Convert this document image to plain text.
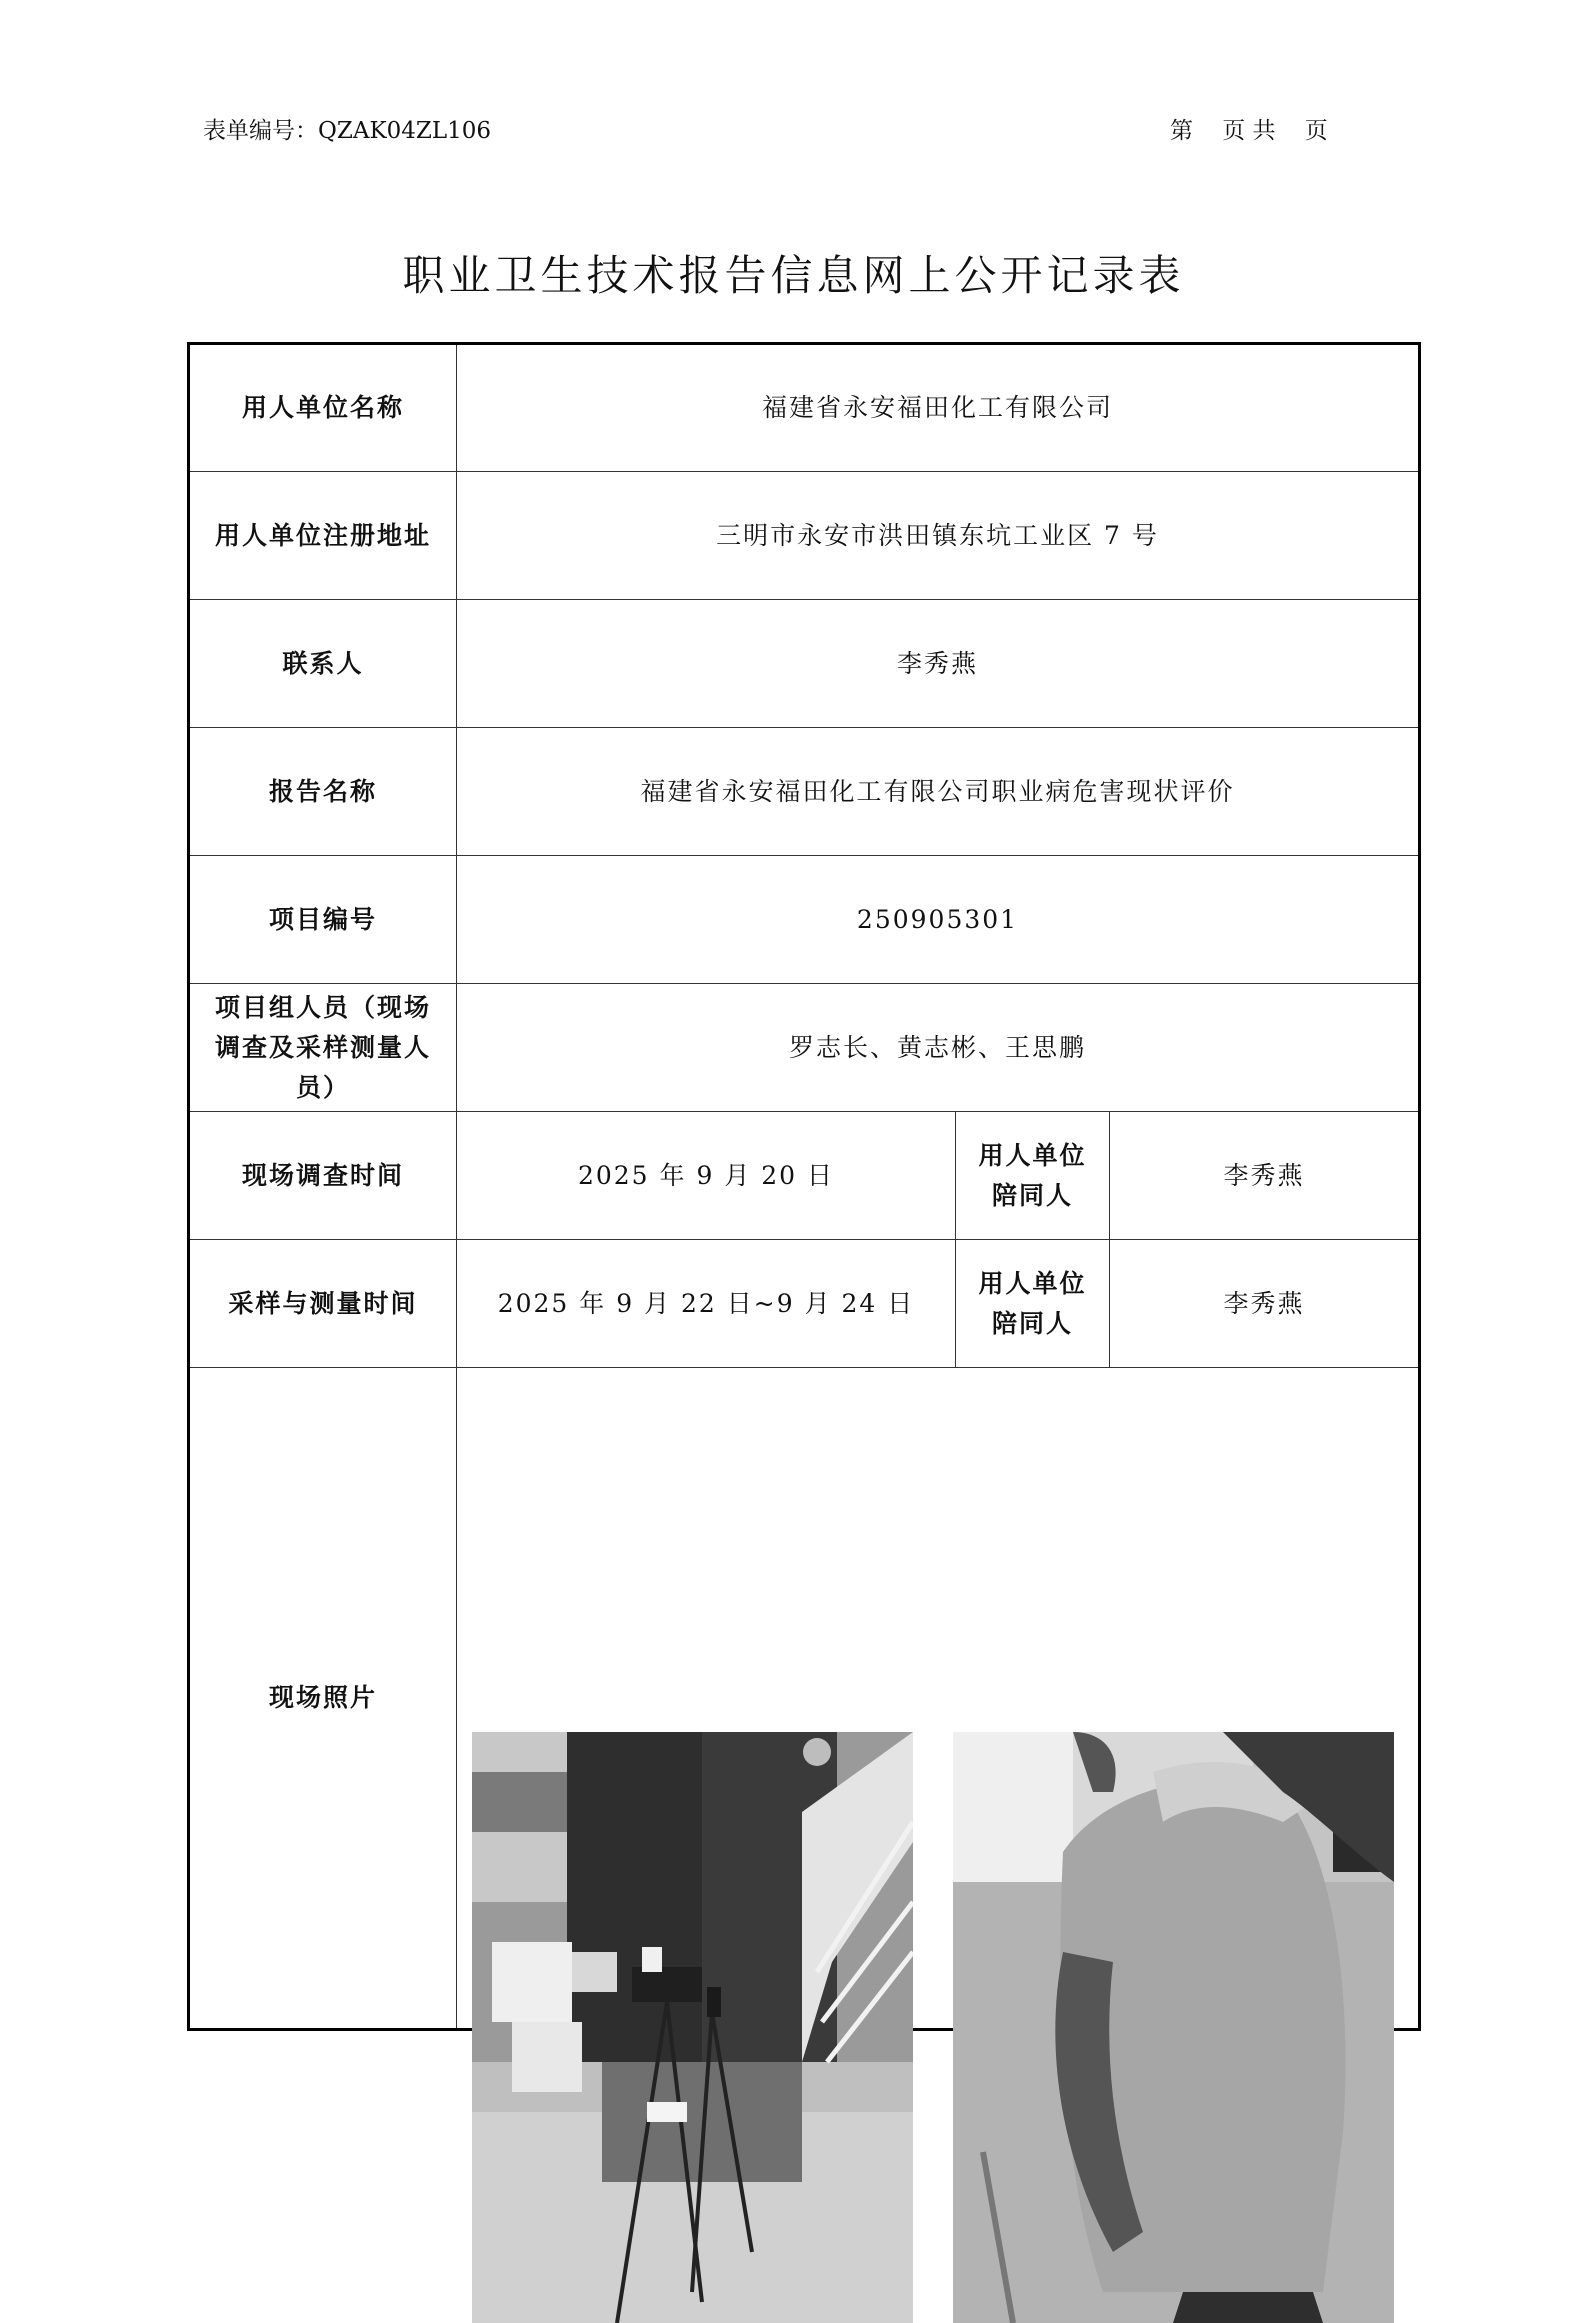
表单编号：QZAK04ZL106	第    页 共    页
职业卫生技术报告信息网上公开记录表
用人单位名称	福建省永安福田化工有限公司		
用人单位注册地址	三明市永安市洪田镇东坑工业区 7 号		
联系人	李秀燕		
报告名称	福建省永安福田化工有限公司职业病危害现状评价		
项目编号	250905301		
项目组人员（现场调查及采样测量人员）	罗志长、黄志彬、王思鹏		
现场调查时间	2025 年 9 月 20 日	用人单位陪同人	李秀燕
采样与测量时间	2025 年 9 月 22 日~9 月 24 日	用人单位陪同人	李秀燕
现场照片	
